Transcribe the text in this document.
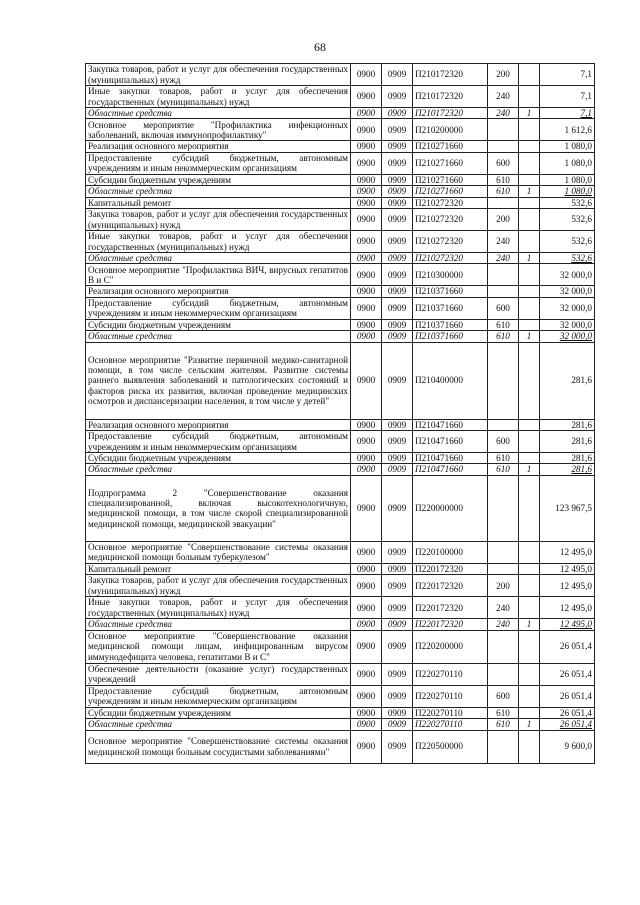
68
Закупка товаров, работ и услуг для обеспечения государственных (муниципальных) нужд	0900	0909	П210172320	200		7,1
Иные закупки товаров, работ и услуг для обеспечения государственных (муниципальных) нужд	0900	0909	П210172320	240		7,1
Областные средства	0900	0909	П210172320	240	1	7,1
Основное мероприятие "Профилактика инфекционных заболеваний, включая иммунопрофилактику"	0900	0909	П210200000			1 612,6
Реализация основного мероприятия	0900	0909	П210271660			1 080,0
Предоставление субсидий бюджетным, автономным учреждениям и иным некоммерческим организациям	0900	0909	П210271660	600		1 080,0
Субсидии бюджетным учреждениям	0900	0909	П210271660	610		1 080,0
Областные средства	0900	0909	П210271660	610	1	1 080,0
Капитальный ремонт	0900	0909	П210272320			532,6
Закупка товаров, работ и услуг для обеспечения государственных (муниципальных) нужд	0900	0909	П210272320	200		532,6
Иные закупки товаров, работ и услуг для обеспечения государственных (муниципальных) нужд	0900	0909	П210272320	240		532,6
Областные средства	0900	0909	П210272320	240	1	532,6
Основное мероприятие "Профилактика ВИЧ, вирусных гепатитов В и С"	0900	0909	П210300000			32 000,0
Реализация основного мероприятия	0900	0909	П210371660			32 000,0
Предоставление субсидий бюджетным, автономным учреждениям и иным некоммерческим организациям	0900	0909	П210371660	600		32 000,0
Субсидии бюджетным учреждениям	0900	0909	П210371660	610		32 000,0
Областные средства	0900	0909	П210371660	610	1	32 000,0
Основное мероприятие "Развитие первичной медико-санитарной помощи, в том числе сельским жителям. Развитие системы раннего выявления заболеваний и патологических состояний и факторов риска их развития, включая проведение медицинских осмотров и диспансеризации населения, в том числе у детей"	0900	0909	П210400000			281,6
Реализация основного мероприятия	0900	0909	П210471660			281,6
Предоставление субсидий бюджетным, автономным учреждениям и иным некоммерческим организациям	0900	0909	П210471660	600		281,6
Субсидии бюджетным учреждениям	0900	0909	П210471660	610		281,6
Областные средства	0900	0909	П210471660	610	1	281,6
Подпрограмма 2 "Совершенствование оказания специализированной, включая высокотехнологичную, медицинской помощи, в том числе скорой специализированной медицинской помощи, медицинской эвакуации"	0900	0909	П220000000			123 967,5
Основное мероприятие "Совершенствование системы оказания медицинской помощи больным туберкулезом"	0900	0909	П220100000			12 495,0
Капитальный ремонт	0900	0909	П220172320			12 495,0
Закупка товаров, работ и услуг для обеспечения государственных (муниципальных) нужд	0900	0909	П220172320	200		12 495,0
Иные закупки товаров, работ и услуг для обеспечения государственных (муниципальных) нужд	0900	0909	П220172320	240		12 495,0
Областные средства	0900	0909	П220172320	240	1	12 495,0
Основное мероприятие "Совершенствование оказания медицинской помощи лицам, инфицированным вирусом иммунодефицита человека, гепатитами В и С"	0900	0909	П220200000			26 051,4
Обеспечение деятельности (оказание услуг) государственных учреждений	0900	0909	П220270110			26 051,4
Предоставление субсидий бюджетным, автономным учреждениям и иным некоммерческим организациям	0900	0909	П220270110	600		26 051,4
Субсидии бюджетным учреждениям	0900	0909	П220270110	610		26 051,4
Областные средства	0900	0909	П220270110	610	1	26 051,4
Основное мероприятие "Совершенствование системы оказания медицинской помощи больным сосудистыми заболеваниями"	0900	0909	П220500000			9 600,0
